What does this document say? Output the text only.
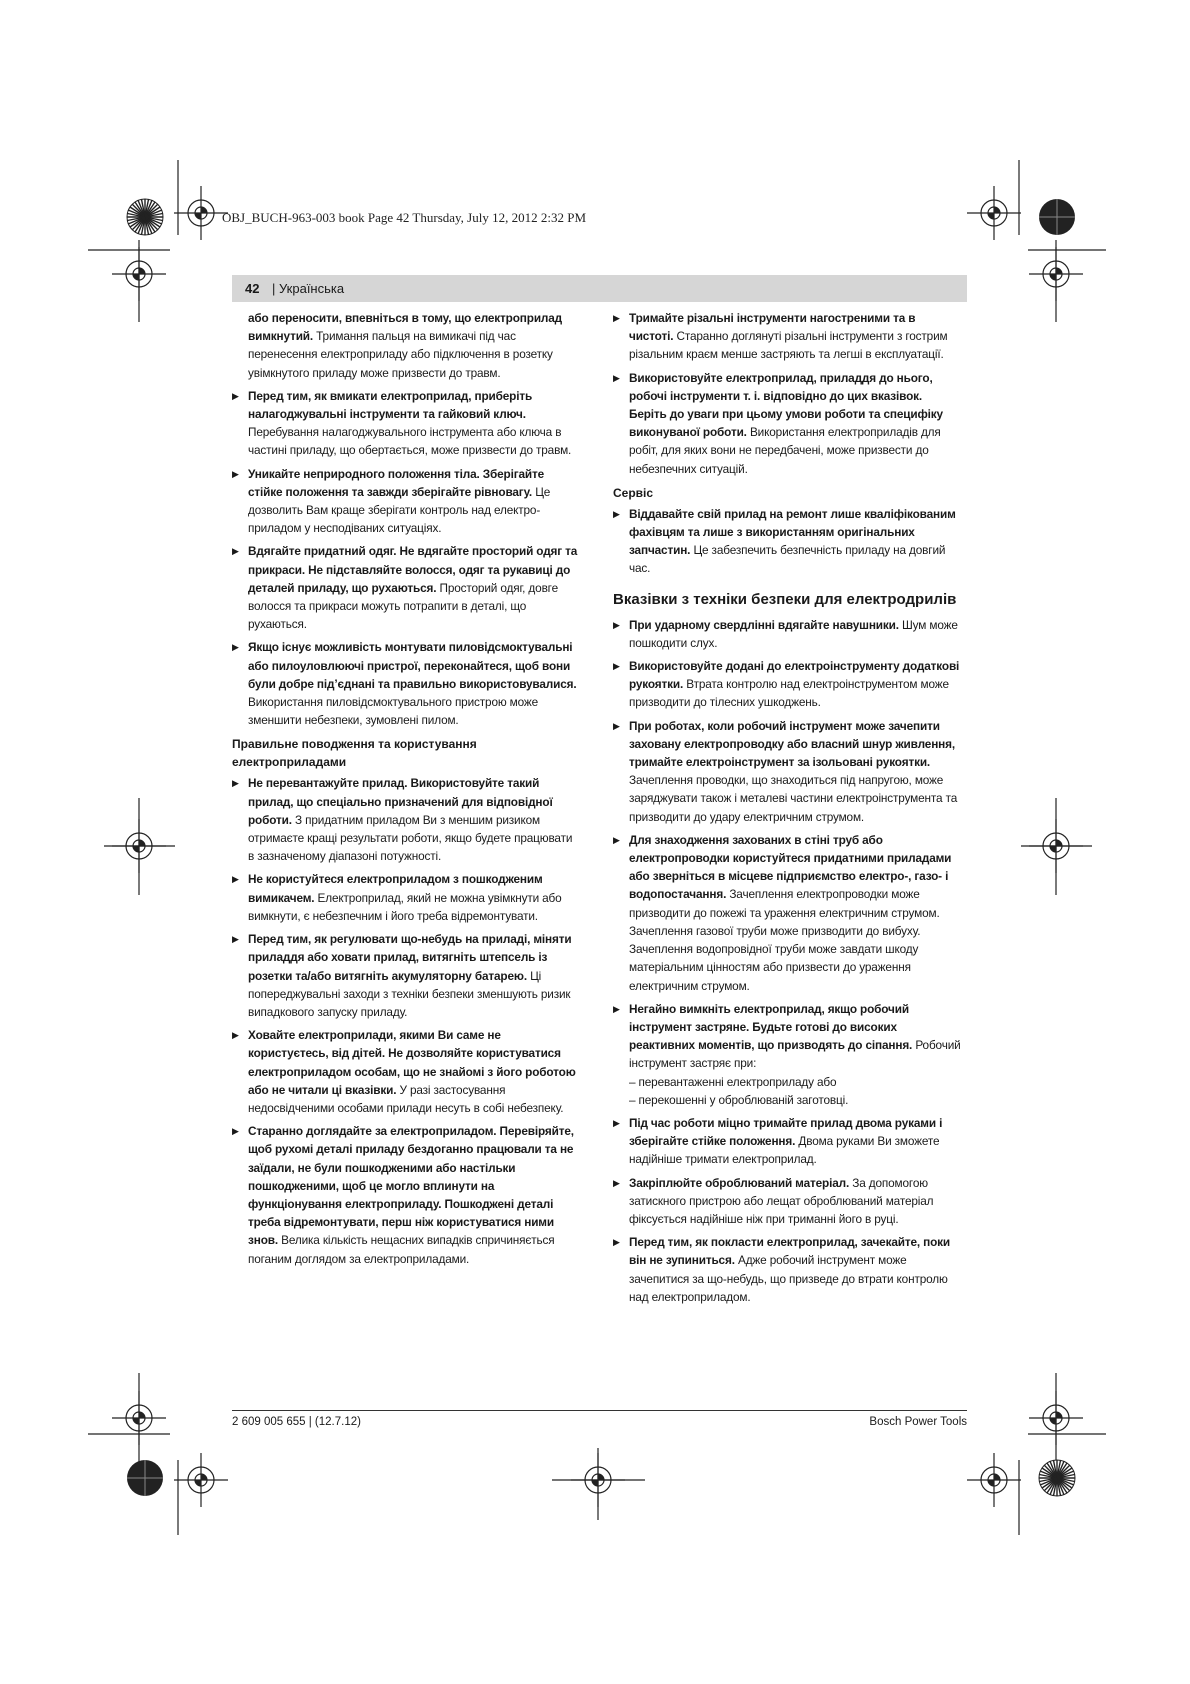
OBJ_BUCH-963-003 book Page 42 Thursday, July 12, 2012 2:32 PM
42 | Українська

або переносити, впевніться в тому, що електроприлад вимкнутий. Тримання пальця на вимикачі під час перенесення електроприладу або підключення в розетку увімкнутого приладу може призвести до травм.

▶ Перед тим, як вмикати електроприлад, приберіть налагоджувальні інструменти та гайковий ключ. Перебування налагоджувального інструмента або ключа в частині приладу, що обертається, може призвести до травм.

▶ Уникайте неприродного положення тіла. Зберігайте стійке положення та завжди зберігайте рівновагу. Це дозволить Вам краще зберігати контроль над електро-приладом у несподіваних ситуаціях.

▶ Вдягайте придатний одяг. Не вдягайте просторий одяг та прикраси. Не підставляйте волосся, одяг та рукавиці до деталей приладу, що рухаються. Просторий одяг, довге волосся та прикраси можуть потрапити в деталі, що рухаються.

▶ Якщо існує можливість монтувати пиловідсмоктувальні або пилоуловлюючі пристрої, переконайтеся, щоб вони були добре під’єднані та правильно використовувалися. Використання пиловідсмоктувального пристрою може зменшити небезпеки, зумовлені пилом.

Правильне поводження та користування електроприладами

▶ Не перевантажуйте прилад. Використовуйте такий прилад, що спеціально призначений для відповідної роботи. З придатним приладом Ви з меншим ризиком отримаєте кращі результати роботи, якщо будете працювати в зазначеному діапазоні потужності.

▶ Не користуйтеся електроприладом з пошкодженим вимикачем. Електроприлад, який не можна увімкнути або вимкнути, є небезпечним і його треба відремонтувати.

▶ Перед тим, як регулювати що-небудь на приладі, міняти приладдя або ховати прилад, витягніть штепсель із розетки та/або витягніть акумуляторну батарею. Ці попереджувальні заходи з техніки безпеки зменшують ризик випадкового запуску приладу.

▶ Ховайте електроприлади, якими Ви саме не користуєтесь, від дітей. Не дозволяйте користуватися електроприладом особам, що не знайомі з його роботою або не читали ці вказівки. У разі застосування недосвідченими особами прилади несуть в собі небезпеку.

▶ Старанно доглядайте за електроприладом. Перевіряйте, щоб рухомі деталі приладу бездоганно працювали та не заїдали, не були пошкодженими або настільки пошкодженими, щоб це могло вплинути на функціонування електроприладу. Пошкоджені деталі треба відремонтувати, перш ніж користуватися ними знов. Велика кількість нещасних випадків спричиняється поганим доглядом за електроприладами.

▶ Тримайте різальні інструменти нагостреними та в чистоті. Старанно доглянуті різальні інструменти з гострим різальним краєм менше застряють та легші в експлуатації.

▶ Використовуйте електроприлад, приладдя до нього, робочі інструменти т. і. відповідно до цих вказівок. Беріть до уваги при цьому умови роботи та специфіку виконуваної роботи. Використання електроприладів для робіт, для яких вони не передбачені, може призвести до небезпечних ситуацій.

Сервіс

▶ Віддавайте свій прилад на ремонт лише кваліфікованим фахівцям та лише з використанням оригінальних запчастин. Це забезпечить безпечність приладу на довгий час.

Вказівки з техніки безпеки для електродрилів

▶ При ударному свердлінні вдягайте навушники. Шум може пошкодити слух.

▶ Використовуйте додані до електроінструменту додаткові рукоятки. Втрата контролю над електроінструментом може призводити до тілесних ушкоджень.

▶ При роботах, коли робочий інструмент може зачепити заховану електропроводку або власний шнур живлення, тримайте електроінструмент за ізольовані рукоятки. Зачеплення проводки, що знаходиться під напругою, може заряджувати також і металеві частини електроінструмента та призводити до удару електричним струмом.

▶ Для знаходження захованих в стіні труб або електропроводки користуйтеся придатними приладами або зверніться в місцеве підприємство електро-, газо- і водопостачання. Зачеплення електропроводки може призводити до пожежі та ураження електричним струмом. Зачеплення газової труби може призводити до вибуху. Зачеплення водопровідної труби може завдати шкоду матеріальним цінностям або призвести до ураження електричним струмом.

▶ Негайно вимкніть електроприлад, якщо робочий інструмент застряне. Будьте готові до високих реактивних моментів, що призводять до сіпання. Робочий інструмент застряє при:
– перевантаженні електроприладу або
– перекошенні у оброблюваній заготовці.

▶ Під час роботи міцно тримайте прилад двома руками і зберігайте стійке положення. Двома руками Ви зможете надійніше тримати електроприлад.

▶ Закріплюйте оброблюваний матеріал. За допомогою затискного пристрою або лещат оброблюваний матеріал фіксується надійніше ніж при триманні його в руці.

▶ Перед тим, як покласти електроприлад, зачекайте, поки він не зупиниться. Адже робочий інструмент може зачепитися за що-небудь, що призведе до втрати контролю над електроприладом.

2 609 005 655 | (12.7.12)	Bosch Power Tools
